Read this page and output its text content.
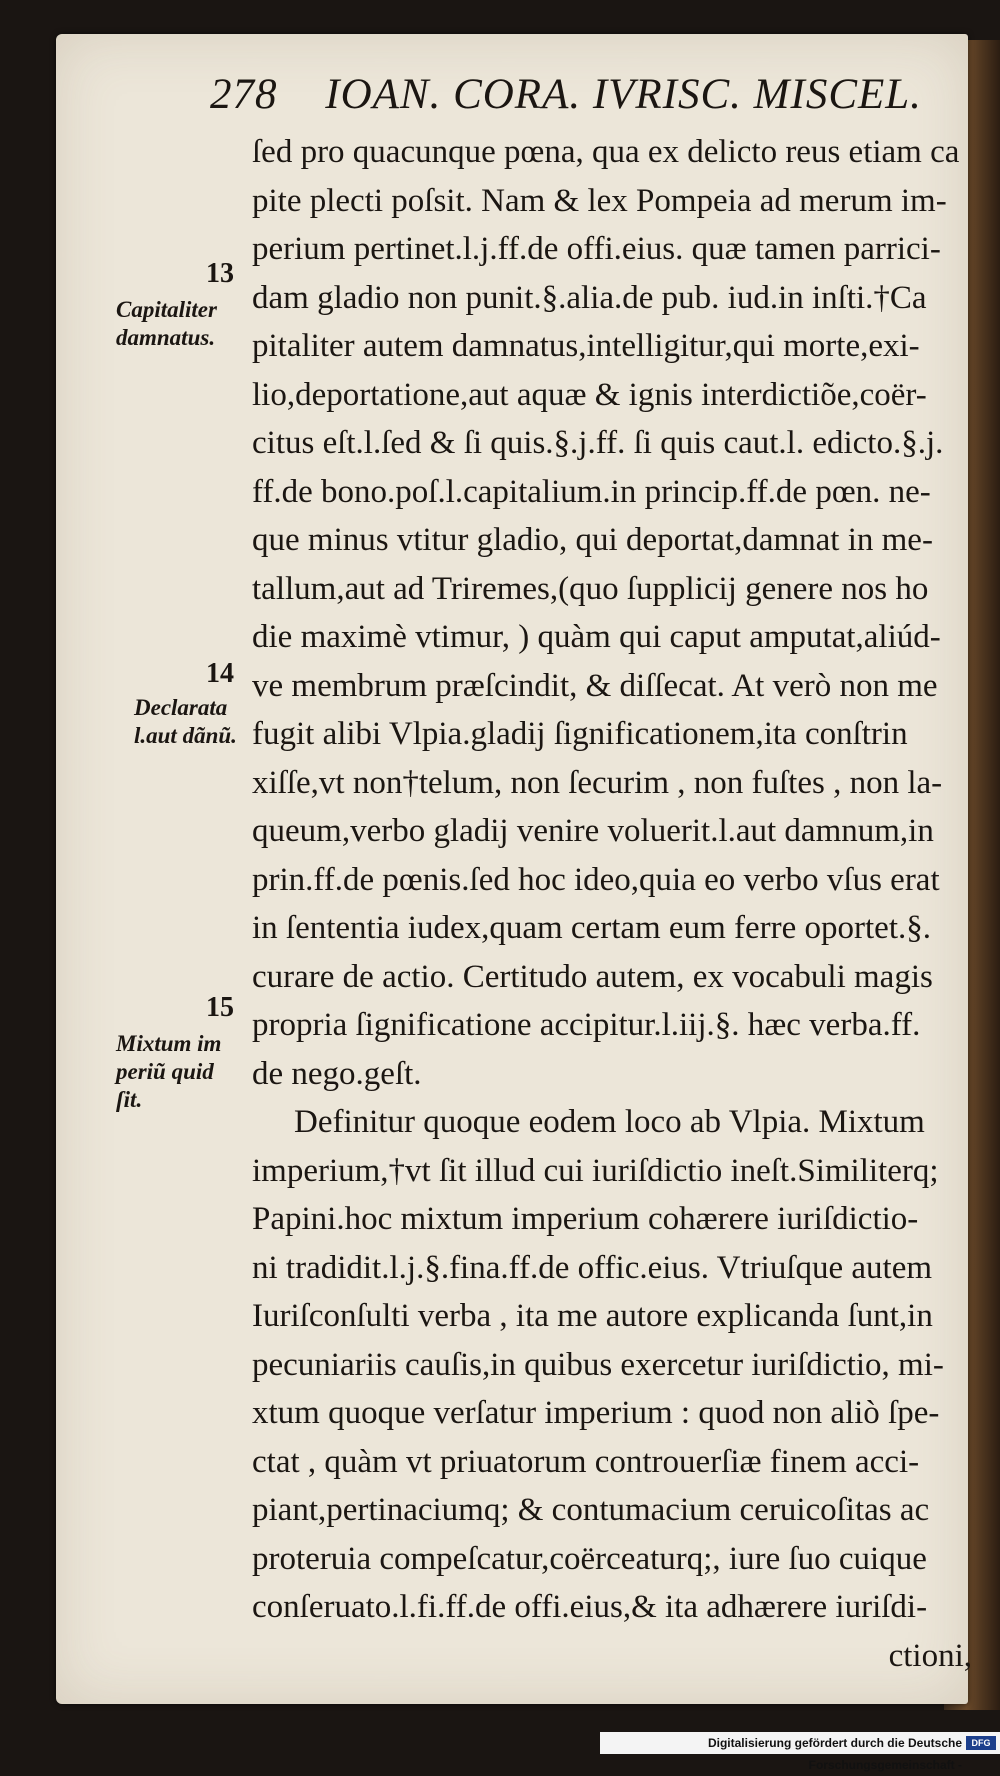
278 IOAN. CORA. IVRISC. MISCEL.
ſed pro quacunque pœna, qua ex delicto reus etiam ca
pite plecti poſsit. Nam & lex Pompeia ad merum im-
perium pertinet.l.j.ff.de offi.eius. quæ tamen parrici-
dam gladio non punit.§.alia.de pub. iud.in inſti.†Ca
pitaliter autem damnatus,intelligitur,qui morte,exi-
lio,deportatione,aut aquæ & ignis interdictiõe,coër-
citus eſt.l.ſed & ſi quis.§.j.ff. ſi quis caut.l. edicto.§.j.
ff.de bono.poſ.l.capitalium.in princip.ff.de pœn. ne-
que minus vtitur gladio, qui deportat,damnat in me-
tallum,aut ad Triremes,(quo ſupplicij genere nos ho
die maximè vtimur, ) quàm qui caput amputat,aliúd-
ve membrum præſcindit, & diſſecat. At verò non me
fugit alibi Vlpia.gladij ſignificationem,ita conſtrin
xiſſe,vt non†telum, non ſecurim , non fuſtes , non la-
queum,verbo gladij venire voluerit.l.aut damnum,in
prin.ff.de pœnis.ſed hoc ideo,quia eo verbo vſus erat
in ſententia iudex,quam certam eum ferre oportet.§.
curare de actio. Certitudo autem, ex vocabuli magis
propria ſignificatione accipitur.l.iij.§. hæc verba.ff.
de nego.geſt.
Definitur quoque eodem loco ab Vlpia. Mixtum
imperium,†vt ſit illud cui iuriſdictio ineſt.Similiterq;
Papini.hoc mixtum imperium cohærere iuriſdictio-
ni tradidit.l.j.§.fina.ff.de offic.eius. Vtriuſque autem
Iuriſconſulti verba , ita me autore explicanda ſunt,in
pecuniariis cauſis,in quibus exercetur iuriſdictio, mi-
xtum quoque verſatur imperium : quod non aliò ſpe-
ctat , quàm vt priuatorum controuerſiæ finem acci-
piant,pertinaciumq; & contumacium ceruicoſitas ac
proteruia compeſcatur,coërceaturq;, iure ſuo cuique
conſeruato.l.fi.ff.de offi.eius,& ita adhærere iuriſdi-
ctioni,
13
Capitaliter
damnatus.
14
Declarata
l.aut dãnũ.
15
Mixtum im
periũ quid
ſit.
Digitalisierung gefördert durch die Deutsche Forschungsgemeinschaft -
DFG
